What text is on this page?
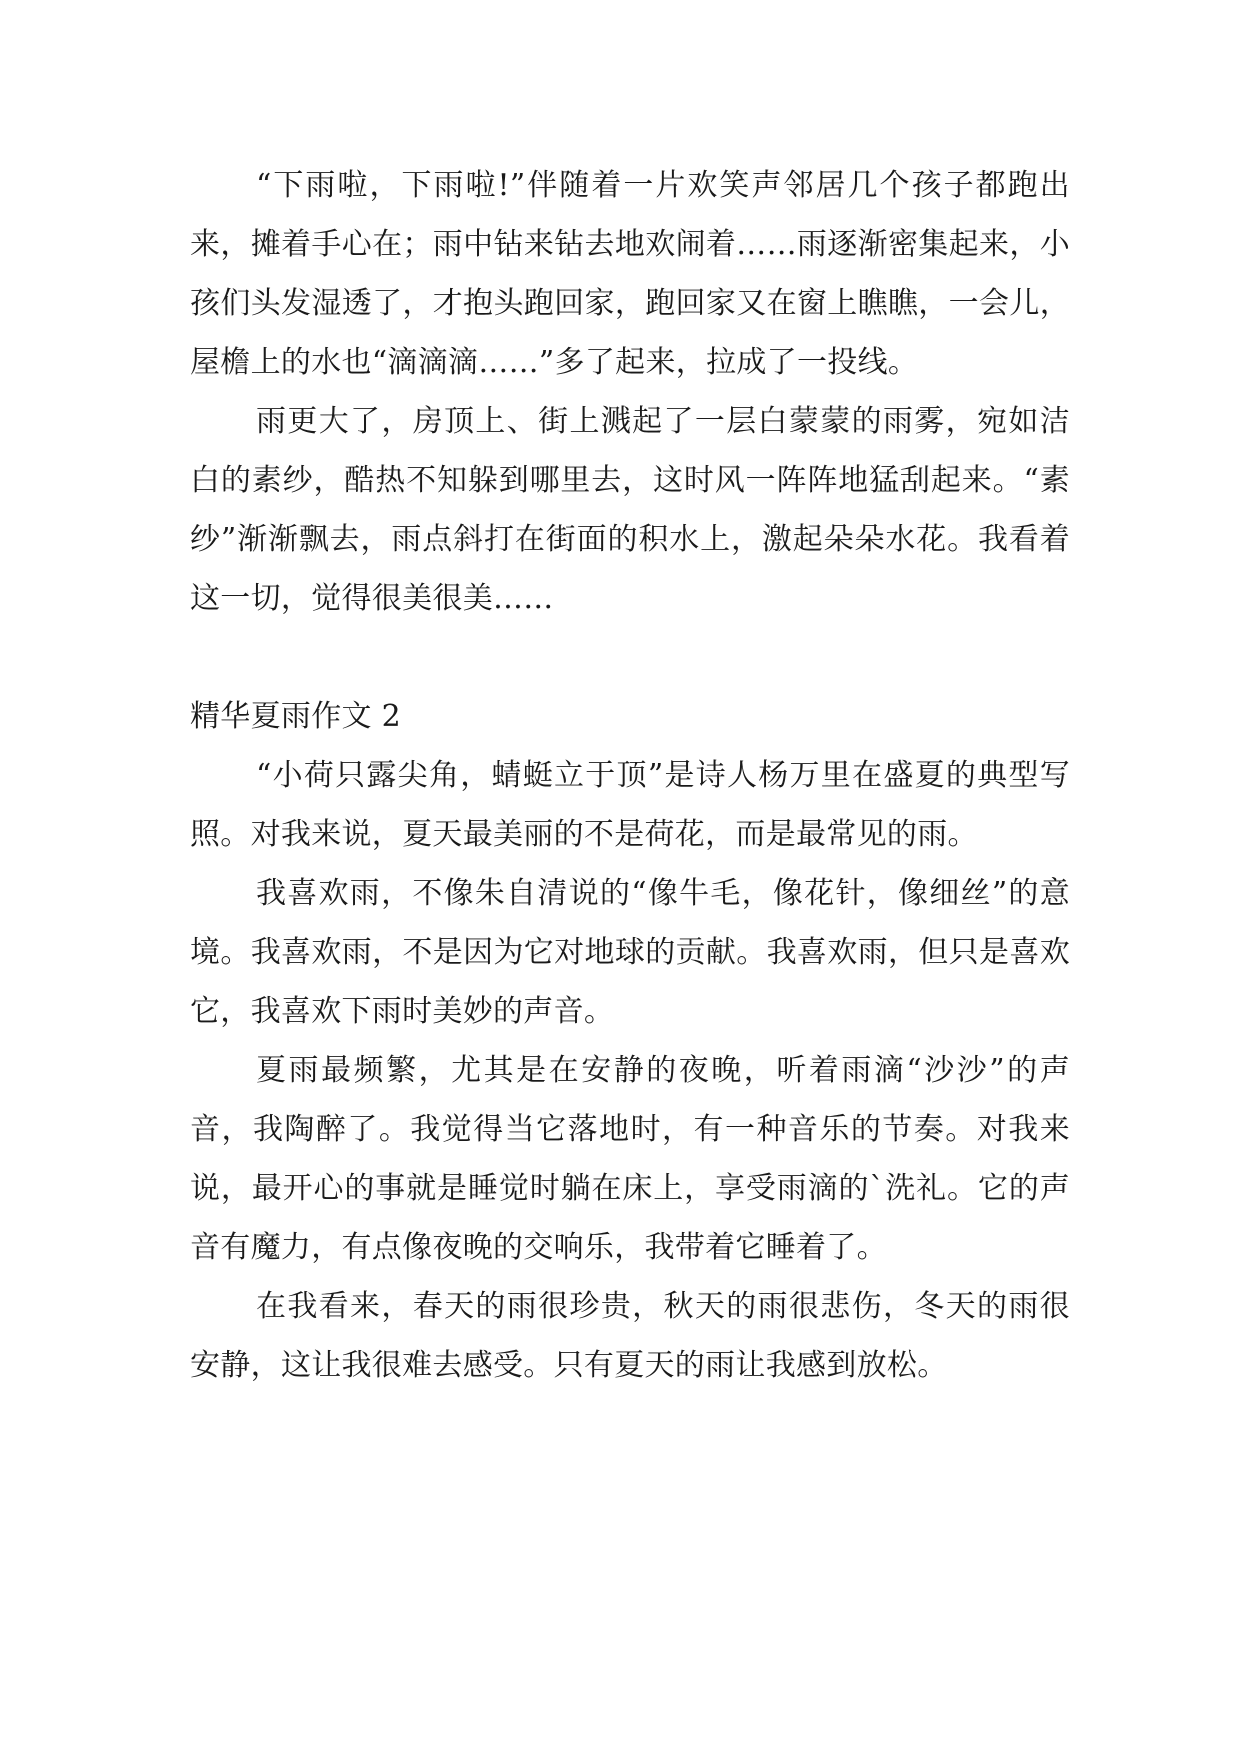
“下雨啦，下雨啦!”伴随着一片欢笑声邻居几个孩子都跑出来，摊着手心在；雨中钻来钻去地欢闹着……雨逐渐密集起来，小孩们头发湿透了，才抱头跑回家，跑回家又在窗上瞧瞧，一会儿，屋檐上的水也“滴滴滴……”多了起来，拉成了一投线。

雨更大了，房顶上、街上溅起了一层白蒙蒙的雨雾，宛如洁白的素纱，酷热不知躲到哪里去，这时风一阵阵地猛刮起来。“素纱”渐渐飘去，雨点斜打在街面的积水上，激起朵朵水花。我看着这一切，觉得很美很美……

精华夏雨作文 2

“小荷只露尖角，蜻蜓立于顶”是诗人杨万里在盛夏的典型写照。对我来说，夏天最美丽的不是荷花，而是最常见的雨。

我喜欢雨，不像朱自清说的“像牛毛，像花针，像细丝”的意境。我喜欢雨，不是因为它对地球的贡献。我喜欢雨，但只是喜欢它，我喜欢下雨时美妙的声音。

夏雨最频繁，尤其是在安静的夜晚，听着雨滴“沙沙”的声音，我陶醉了。我觉得当它落地时，有一种音乐的节奏。对我来说，最开心的事就是睡觉时躺在床上，享受雨滴的`洗礼。它的声音有魔力，有点像夜晚的交响乐，我带着它睡着了。

在我看来，春天的雨很珍贵，秋天的雨很悲伤，冬天的雨很安静，这让我很难去感受。只有夏天的雨让我感到放松。
